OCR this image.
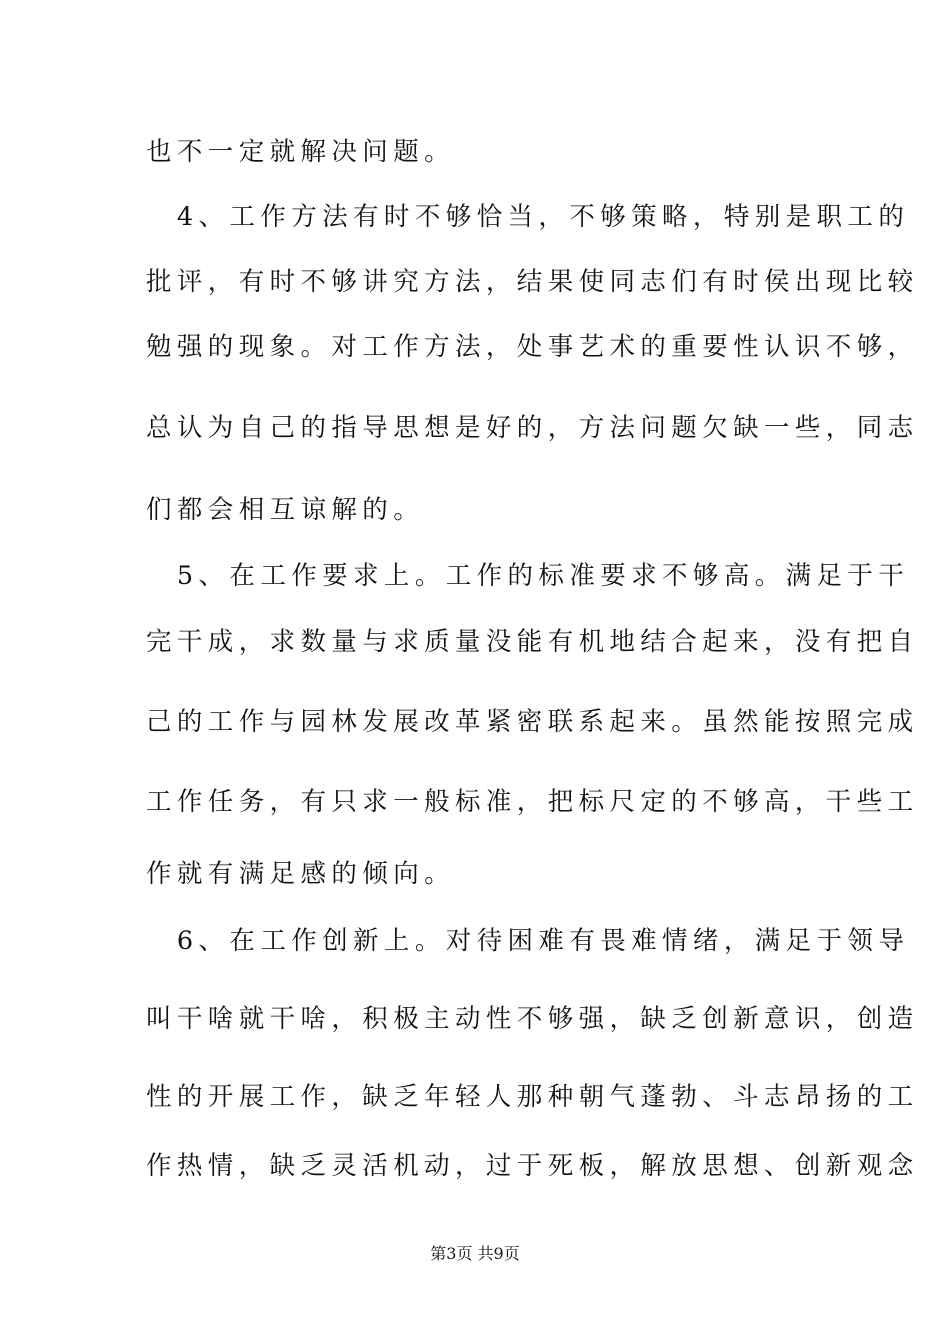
也不一定就解决问题。
　4、工作方法有时不够恰当，不够策略，特别是职工的
批评，有时不够讲究方法，结果使同志们有时侯出现比较
勉强的现象。对工作方法，处事艺术的重要性认识不够，
总认为自己的指导思想是好的，方法问题欠缺一些，同志
们都会相互谅解的。
　5、在工作要求上。工作的标准要求不够高。满足于干
完干成，求数量与求质量没能有机地结合起来，没有把自
己的工作与园林发展改革紧密联系起来。虽然能按照完成
工作任务，有只求一般标准，把标尺定的不够高，干些工
作就有满足感的倾向。
　6、在工作创新上。对待困难有畏难情绪，满足于领导
叫干啥就干啥，积极主动性不够强，缺乏创新意识，创造
性的开展工作，缺乏年轻人那种朝气蓬勃、斗志昂扬的工
作热情，缺乏灵活机动，过于死板，解放思想、创新观念
第3页 共9页
